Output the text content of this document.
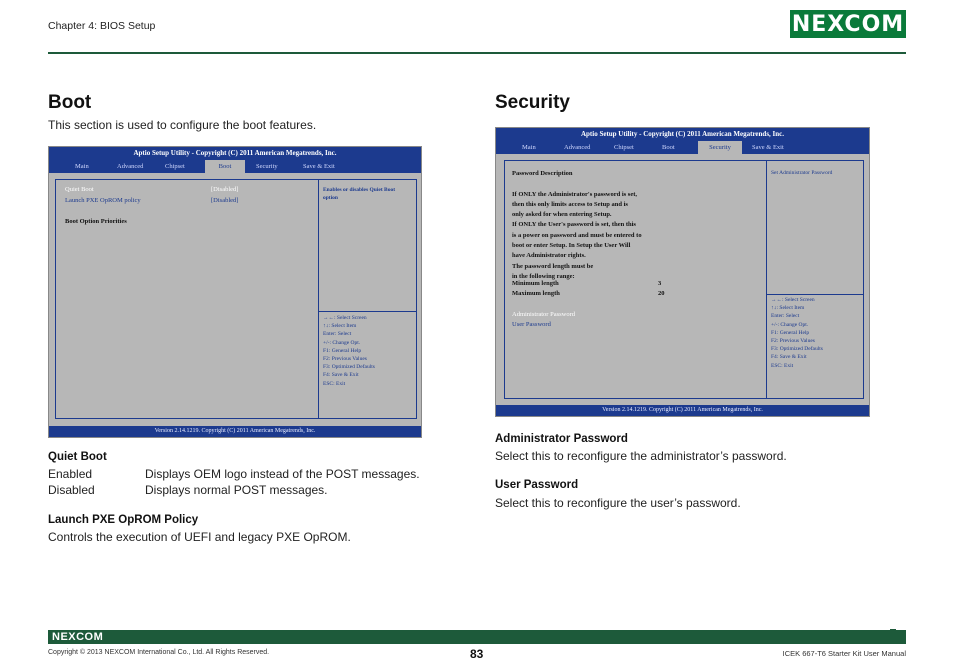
Chapter 4: BIOS Setup	NEXCOM
Boot
This section is used to configure the boot features.
Aptio Setup Utility - Copyright (C) 2011 American Megatrends, Inc.
Main	Advanced	Chipset	Boot	Security	Save & Exit
Quiet Boot	[Disabled]
Launch PXE OpROM policy	[Disabled]
Boot Option Priorities
Enables or disables Quiet Boot
option
→←: Select Screen
↑↓: Select Item
Enter: Select
+/-: Change Opt.
F1: General Help
F2: Previous Values
F3: Optimized Defaults
F4: Save & Exit
ESC: Exit
Version 2.14.1219. Copyright (C) 2011 American Megatrends, Inc.
Quiet Boot
Enabled	Displays OEM logo instead of the POST messages.
Disabled	Displays normal POST messages.
Launch PXE OpROM Policy
Controls the execution of UEFI and legacy PXE OpROM.
Security
Aptio Setup Utility - Copyright (C) 2011 American Megatrends, Inc.
Main	Advanced	Chipset	Boot	Security	Save & Exit
Password Description

If ONLY the Administrator's password is set,
then this only limits access to Setup and is
only asked for when entering Setup.
If ONLY the User's password is set, then this
is a power on password and must be entered to
boot or enter Setup. In Setup the User Will
have Administrator rights.
The password length must be
in the following range:
Minimum length	3
Maximum length	20
Administrator Password
User Password
Set Administrator Password
→←: Select Screen
↑↓: Select Item
Enter: Select
+/-: Change Opt.
F1: General Help
F2: Previous Values
F3: Optimized Defaults
F4: Save & Exit
ESC: Exit
Version 2.14.1219. Copyright (C) 2011 American Megatrends, Inc.
Administrator Password
Select this to reconfigure the administrator’s password.
User Password
Select this to reconfigure the user’s password.
NEXCOM
Copyright © 2013 NEXCOM International Co., Ltd. All Rights Reserved.	83	ICEK 667-T6 Starter Kit User Manual
